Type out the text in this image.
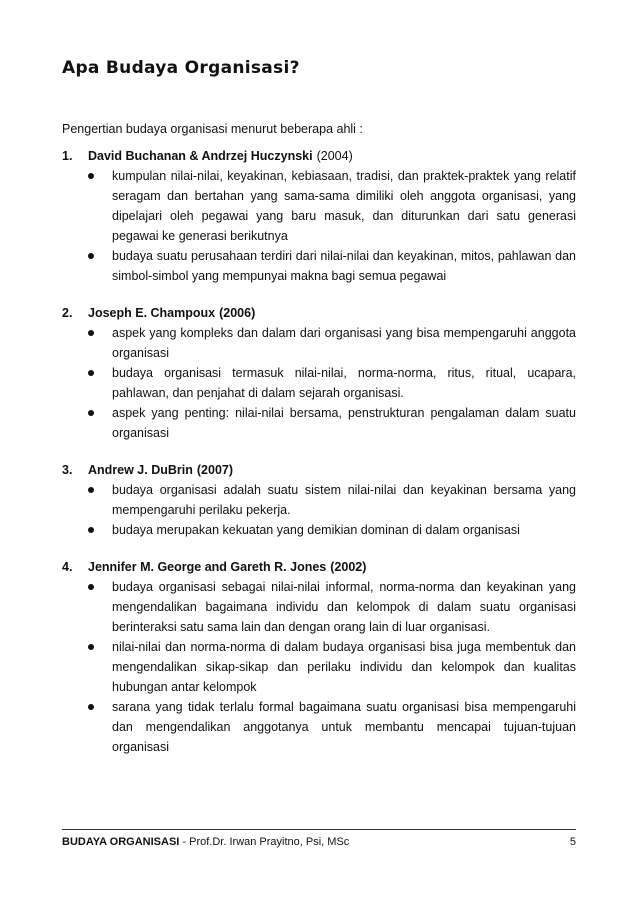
Apa Budaya Organisasi?
Pengertian budaya organisasi menurut beberapa ahli :
1.	David Buchanan & Andrzej Huczynski (2004)
kumpulan nilai-nilai, keyakinan, kebiasaan, tradisi, dan praktek-praktek yang relatif seragam dan bertahan yang sama-sama dimiliki oleh anggota organisasi, yang dipelajari oleh pegawai yang baru masuk, dan diturunkan dari satu generasi pegawai ke generasi berikutnya
budaya suatu perusahaan terdiri dari nilai-nilai dan keyakinan, mitos, pahlawan dan simbol-simbol yang mempunyai makna bagi semua pegawai
2.	Joseph E. Champoux (2006)
aspek yang kompleks dan dalam dari organisasi yang bisa mempengaruhi anggota organisasi
budaya organisasi termasuk nilai-nilai, norma-norma, ritus, ritual, ucapara, pahlawan, dan penjahat di dalam sejarah organisasi.
aspek yang penting: nilai-nilai bersama, penstrukturan pengalaman dalam suatu organisasi
3.	Andrew J. DuBrin (2007)
budaya organisasi adalah suatu sistem nilai-nilai dan keyakinan bersama yang mempengaruhi perilaku pekerja.
budaya merupakan kekuatan yang demikian dominan di dalam organisasi
4.	Jennifer M. George and Gareth R. Jones (2002)
budaya organisasi sebagai nilai-nilai informal, norma-norma dan keyakinan yang mengendalikan bagaimana individu dan kelompok di dalam suatu organisasi berinteraksi satu sama lain dan dengan orang lain di luar organisasi.
nilai-nilai dan norma-norma di dalam budaya organisasi bisa juga membentuk dan mengendalikan sikap-sikap dan perilaku individu dan kelompok dan kualitas hubungan antar kelompok
sarana yang tidak terlalu formal bagaimana suatu organisasi bisa mempengaruhi dan mengendalikan anggotanya untuk membantu mencapai tujuan-tujuan organisasi
BUDAYA ORGANISASI - Prof.Dr. Irwan Prayitno, Psi, MSc	5
